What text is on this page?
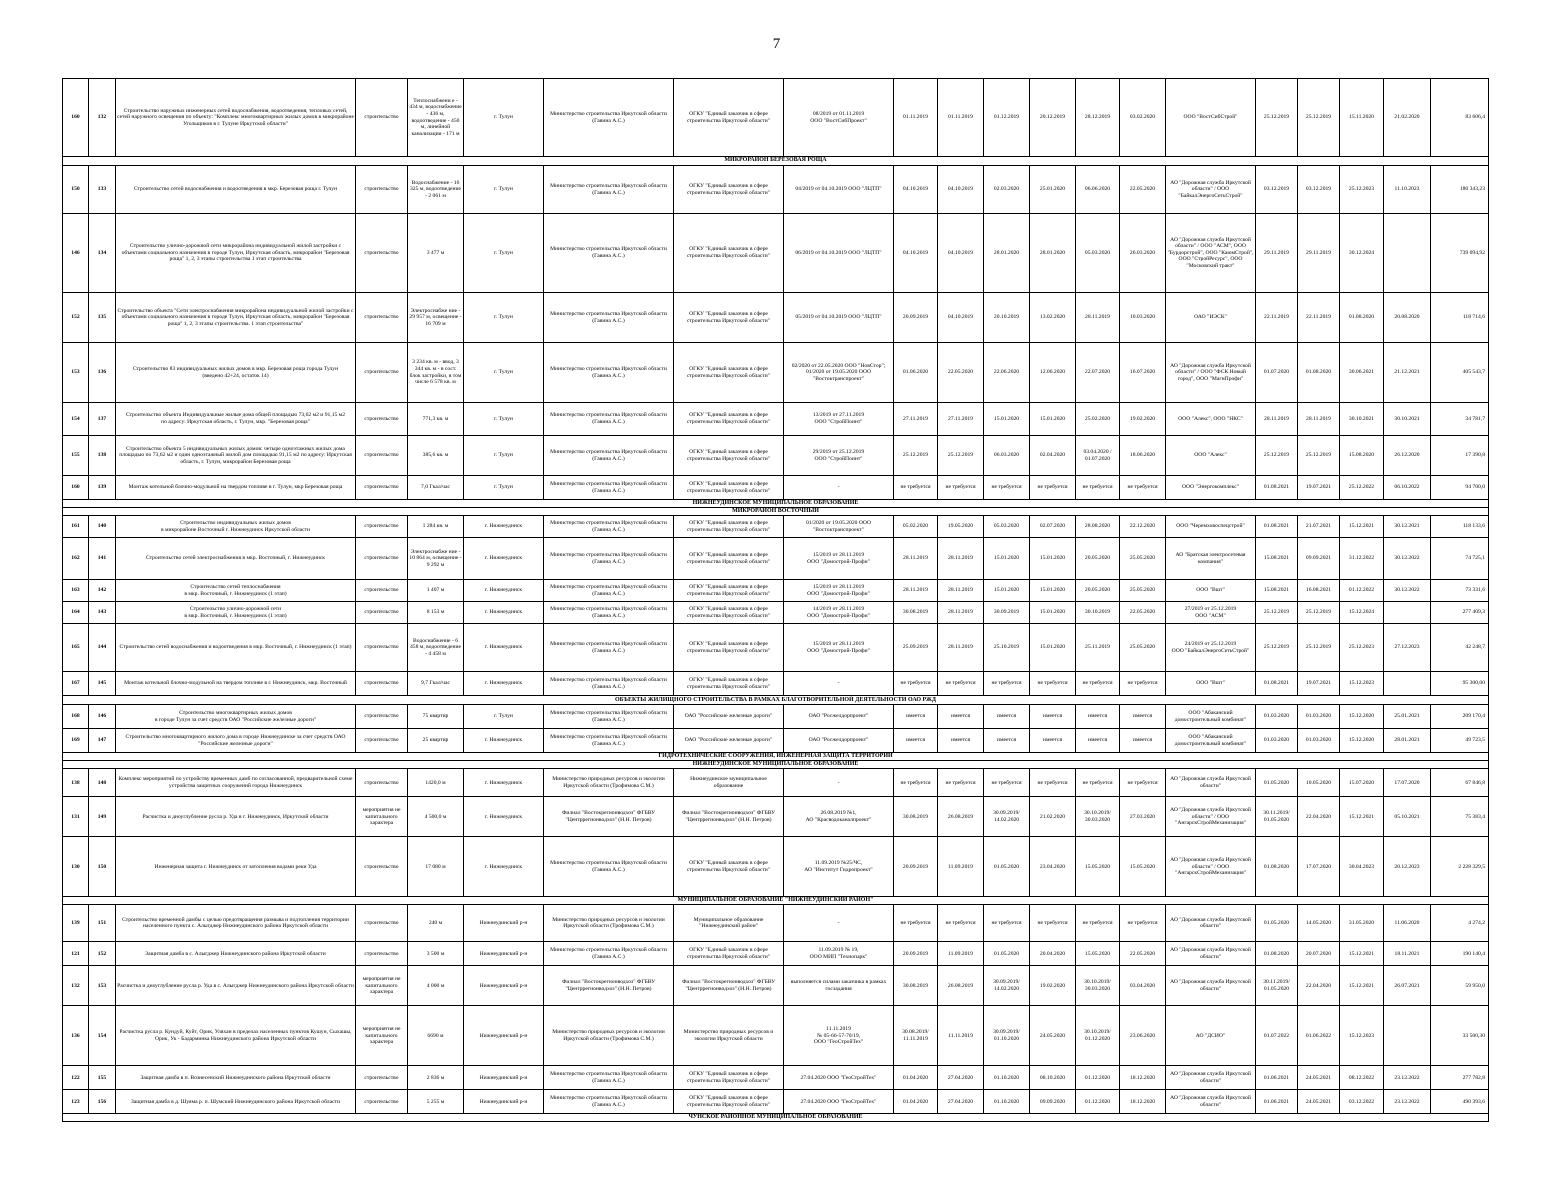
7
160	132	Строительство наружных инженерных сетей водоснабжения, водоотведения, тепловых сетей,
сетей наружного освещения по объекту: "Комплекс многоквартирных жилых домов в микрорайоне Угольщиков в г. Тулуне Иркутской области"	строительство	Теплоснабжени е - 434 м, водоснабжение - 436 м, водоотведение - 450 м, линейной канализации - 171 м	г. Тулун	Министерство строительства Иркутской области (Гавина А.С.)	ОГКУ "Единый заказчик в сфере строительства Иркутской области"	08/2019 от 01.11.2019
ООО "ВостСибПроект"	01.11.2019	01.11.2019	01.12.2019	20.12.2019	28.12.2019	03.02.2020	ООО "ВостСибСтрой"	25.12.2019	25.12.2019	15.11.2020	21.02.2020	83 606,4
МИКРОРАЙОН БЕРЕЗОВАЯ РОЩА																				
150	133	Строительство сетей водоснабжения и водоотведения в мкр. Березовая роща г. Тулун	строительство	Водоснабжение - 16 325 м, водоотведение - 2 061 м	г. Тулун	Министерство строительства Иркутской области (Гавина А.С.)	ОГКУ "Единый заказчик в сфере строительства Иркутской области"	04/2019 от 04.10.2019 ООО "ЛЦТП"	04.10.2019	04.10.2019	02.03.2020	25.01.2020	06.06.2020	22.05.2020	АО "Дорожная служба Иркутской области" / ООО "БайкалЭнергоСетьСтрой"	03.12.2019	03.12.2019	25.12.2023	11.10.2023	180 343,23
146	134	Строительство улично-дорожной сети микрорайона индивидуальной жилой застройки с объектами социального назначения в городе Тулун, Иркутская область, микрорайон "Березовая роща" 1, 2, 3 этапы строительства 1 этап строительства	строительство	3 477 м	г. Тулун	Министерство строительства Иркутской области (Гавина А.С.)	ОГКУ "Единый заказчик в сфере строительства Иркутской области"	06/2019 от 04.10.2019 ООО "ЛЦТП"	04.10.2019	04.10.2019	28.01.2020	28.01.2020	05.03.2020	26.03.2020	АО "Дорожная служба Иркутской области" / ООО "АСМ", ООО "Бурдорстрой", ООО "КаюмСтрой", ООО "СтройРесурс", ООО "Московский тракт"	29.11.2019	29.11.2019	30.12.2024		739 094,92
152	135	Строительство объекта "Сети электроснабжения микрорайона индивидуальной жилой застройки с объектами социального назначения в городе Тулун, Иркутская область, микрорайон "Березовая роща" 1, 2, 3 этапы строительства. 1 этап строительства"	строительство	Электроснабже ние - 29 957 м, освещение - 16 709 м	г. Тулун	Министерство строительства Иркутской области (Гавина А.С.)	ОГКУ "Единый заказчик в сфере строительства Иркутской области"	05/2019 от 04.10.2019 ООО "ЛЦТП"	20.09.2019	04.10.2019	20.10.2019	13.02.2020	28.11.2019	10.03.2020	ОАО "ИЭСК"	22.11.2019	22.11.2019	01.08.2020	20.08.2020	118 714,6
153	136	Строительство 83 индивидуальных жилых домов в мкр. Березовая роща города Тулун
(введено 42+24, остаток 14)	строительство	3 234 кв. м - ввод, 3 344 кв. м - в сост. блок застройки, в том числе 6 578 кв. м	г. Тулун	Министерство строительства Иркутской области (Гавина А.С.)	ОГКУ "Единый заказчик в сфере строительства Иркутской области"	02/2020 от 22.05.2020 ООО "НовСтор";
01/2020 от 19.05.2020 ООО "Востоктранспроект"	01.06.2020	22.05.2020	22.06.2020	12.06.2020	22.07.2020	16.07.2020	АО "Дорожная служба Иркутской области" / ООО "ФСК Новый город", ООО "МагнПрофи"	01.07.2020	01.08.2020	30.06.2021	21.12.2021	405 543,7
154	137	Строительство объекта Индивидуальные жилые дома общей площадью 73,62 м2 и 91,15 м2
по адресу: Иркутская область, г. Тулун, мкр. "Березовая роща"	строительство	771,3 кв. м	г. Тулун	Министерство строительства Иркутской области (Гавина А.С.)	ОГКУ "Единый заказчик в сфере строительства Иркутской области"	13/2019 от 27.11.2019
ООО "СтройПоинт"	27.11.2019	27.11.2019	15.01.2020	15.01.2020	25.02.2020	19.02.2020	ООО "Алекс", ООО "НКС"	28.11.2019	28.11.2019	30.10.2021	30.10.2021	34 781,7
155	138	Строительство объекта 5 индивидуальных жилых домов: четыре одноэтажных жилых дома площадью по 73,62 м2 и один одноэтажный жилой дом площадью 91,15 м2 по адресу: Иркутская область, г. Тулун, микрорайон Березовая роща	строительство	385,6 кв. м	г. Тулун	Министерство строительства Иркутской области (Гавина А.С.)	ОГКУ "Единый заказчик в сфере строительства Иркутской области"	29/2019 от 25.12.2019
ООО "СтройПоинт"	25.12.2019	25.12.2019	06.03.2020	02.04.2020	03.04.2020 / 01.07.2020	18.06.2020	ООО "Алекс"	25.12.2019	25.12.2019	15.08.2020	26.12.2020	17 390,8
160	139	Монтаж котельной блочно-модульной на твердом топливе в г. Тулун, мкр Березовая роща	строительство	7,0 Гкал/час	г. Тулун	Министерство строительства Иркутской области (Гавина А.С.)	ОГКУ "Единый заказчик в сфере строительства Иркутской области"	-	не требуется	не требуется	не требуется	не требуется	не требуется	не требуется	ООО "Энергокомплекс"	01.08.2021	19.07.2021	25.12.2022	06.10.2022	94 700,0
НИЖНЕУДИНСКОЕ МУНИЦИПАЛЬНОЕ ОБРАЗОВАНИЕ																				
МИКРОРАЙОН ВОСТОЧНЫЙ																				
161	140	Строительство индивидуальных жилых домов
в микрорайоне Восточный г. Нижнеудинск Иркутской области	строительство	1 284 кв. м	г. Нижнеудинск	Министерство строительства Иркутской области (Гавина А.С.)	ОГКУ "Единый заказчик в сфере строительства Иркутской области"	01/2020 от 19.05.2020 ООО "Востоктранспроект"	05.02.2020	19.05.2020	05.03.2020	02.07.2020	28.08.2020	22.12.2020	ООО "Черемховоспецстрой"	01.08.2021	21.07.2021	15.12.2021	30.12.2021	118 133,6
162	141	Строительство сетей электроснабжения в мкр. Восточный, г. Нижнеудинск	строительство	Электроснабже ние - 10 864 м, освещение - 9 292 м	г. Нижнеудинск	Министерство строительства Иркутской области (Гавина А.С.)	ОГКУ "Единый заказчик в сфере строительства Иркутской области"	15/2019 от 28.11.2019
ООО "Домострой-Профи"	28.11.2019	28.11.2019	15.01.2020	15.01.2020	20.05.2020	25.05.2020	АО "Братская электросетевая компания"	15.08.2021	09.09.2021	31.12.2022	30.12.2022	74 725,1
163	142	Строительство сетей теплоснабжения
в мкр. Восточный, г. Нижнеудинск (1 этап)	строительство	1 407 м	г. Нижнеудинск	Министерство строительства Иркутской области (Гавина А.С.)	ОГКУ "Единый заказчик в сфере строительства Иркутской области"	15/2019 от 28.11.2019
ООО "Домострой-Профи"	28.11.2019	28.11.2019	15.01.2020	15.01.2020	20.05.2020	25.05.2020	ООО "Вшт"	15.08.2021	16.08.2021	01.12.2022	30.12.2022	73 331,6
164	143	Строительство улично-дорожной сети
в мкр. Восточный, г. Нижнеудинск (1 этап)	строительство	8 153 м	г. Нижнеудинск	Министерство строительства Иркутской области (Гавина А.С.)	ОГКУ "Единый заказчик в сфере строительства Иркутской области"	14/2019 от 28.11.2019
ООО "Домострой-Профи"	30.08.2019	28.11.2019	30.09.2019	15.01.2020	30.10.2019	22.05.2020	27/2019 от 25.12.2019
ООО "АСМ"	25.12.2019	25.12.2019	15.12.2024		277 409,3
165	144	Строительство сетей водоснабжения и водоотведения в мкр. Восточный, г. Нижнеудинск (1 этап)	строительство	Водоснабжение - 6 458 м, водоотведение - 4 458 м	г. Нижнеудинск	Министерство строительства Иркутской области (Гавина А.С.)	ОГКУ "Единый заказчик в сфере строительства Иркутской области"	15/2019 от 28.11.2019
ООО "Домострой-Профи"	25.09.2019	28.11.2019	25.10.2019	15.01.2020	25.11.2019	25.05.2020	24/2019 от 25.12.2019
ООО "БайкалЭнергоСетьСтрой"	25.12.2019	25.12.2019	25.12.2023	27.12.2023	42 248,7
167	145	Монтаж котельной блочно-модульной на твердом топливе в г. Нижнеудинск, мкр. Восточный	строительство	9,7 Гкал/час	г. Нижнеудинск	Министерство строительства Иркутской области (Гавина А.С.)	ОГКУ "Единый заказчик в сфере строительства Иркутской области"	-	не требуется	не требуется	не требуется	не требуется	не требуется	не требуется	ООО "Вшт"	01.08.2021	19.07.2021	15.12.2023		95 300,00
ОБЪЕКТЫ ЖИЛИЩНОГО СТРОИТЕЛЬСТВА В РАМКАХ БЛАГОТВОРИТЕЛЬНОЙ ДЕЯТЕЛЬНОСТИ ОАО РЖД																				
168	146	Строительство многоквартирных жилых домов
в городе Тулун за счет средств ОАО "Российские железные дороги"	строительство	75 квартир	г. Тулун	Министерство строительства Иркутской области (Гавина А.С.)	ОАО "Российские железные дороги"	ОАО "Росжелдорпроект"	имеется	имеется	имеется	имеется	имеется	имеется	ООО "Абаканский домостроительный комбинат"	01.03.2020	01.03.2020	15.12.2020	25.01.2021	209 170,4
169	147	Строительство многоквартирного жилого дома в городе Нижнеудинске за счет средств ОАО "Российские железные дороги"	строительство	25 квартир	г. Нижнеудинск	Министерство строительства Иркутской области (Гавина А.С.)	ОАО "Российские железные дороги"	ОАО "Росжелдорпроект"	имеется	имеется	имеется	имеется	имеется	имеется	ООО "Абаканский домостроительный комбинат"	01.03.2020	01.03.2020	15.12.2020	28.01.2021	49 723,5
ГИДРОТЕХНИЧЕСКИЕ СООРУЖЕНИЯ, ИНЖЕНЕРНАЯ ЗАЩИТА ТЕРРИТОРИИ																				
НИЖНЕУДИНСКОЕ МУНИЦИПАЛЬНОЕ ОБРАЗОВАНИЕ																				
138	148	Комплекс мероприятий по устройству временных дамб по согласованной, предварительной схеме устройства защитных сооружений города Нижнеудинск	строительство	1420,0 м	г. Нижнеудинск	Министерство природных ресурсов и экологии Иркутской области (Трофимова С.М.)	Нижнеудинское муниципальное образование	-	не требуется	не требуется	не требуется	не требуется	не требуется	не требуется	АО "Дорожная служба Иркутской области"	01.05.2020	10.05.2020	15.07.2020	17.07.2020	67 846,8
131	149	Расчистка и дноуглубление русла р. Уда в г. Нижнеудинск, Иркутской области	мероприятия не капитального характера	4 500,0 м	г. Нижнеудинск	Филиал "Востокрегионводхоз" ФГБВУ "Центррегионводхоз" (Н.Н. Петров)	Филиал "Востокрегионводхоз" ФГБВУ "Центррегионводхоз" (Н.Н. Петров)	26.08.2019 №1,
АО "Красводоканалпроект"	30.08.2019	26.08.2019	30.09.2019/ 14.02.2020	21.02.2020	30.10.2019/ 30.03.2020	27.03.2020	АО "Дорожная служба Иркутской области" / ООО "АнгарскСтройМеханизация"	30.11.2019/ 01.05.2020	22.04.2020	15.12.2021	05.10.2021	75 383,4
130	150	Инженерная защита г. Нижнеудинск от затопления водами реки Уда	строительство	17 080 м	г. Нижнеудинск	Министерство строительства Иркутской области (Гавина А.С.)	ОГКУ "Единый заказчик в сфере строительства Иркутской области"	11.09.2019 №25/ЧС,
АО "Институт Гидропроект"	20.09.2019	11.09.2019	01.05.2020	23.04.2020	15.05.2020	15.05.2020	АО "Дорожная служба Иркутской области" / ООО "АнгарскСтройМеханизация"	01.08.2020	17.07.2020	30.04.2023	20.12.2023	2 228 329,5
МУНИЦИПАЛЬНОЕ ОБРАЗОВАНИЕ "НИЖНЕУДИНСКИЙ РАЙОН"																				
139	151	Строительство временной дамбы с целью предотвращения размыва и подтопления территории населенного пункта с. Алыгджер Нижнеудинского района Иркутской области	строительство	240 м	Нижнеудинский р-н	Министерство природных ресурсов и экологии Иркутской области (Трофимова С.М.)	Муниципальное образование "Нижнеудинский район"	-	не требуется	не требуется	не требуется	не требуется	не требуется	не требуется	АО "Дорожная служба Иркутской области"	01.05.2020	14.05.2020	31.05.2020	11.06.2020	4 274,2
121	152	Защитная дамба в с. Алыгджер Нижнеудинского района Иркутской области	строительство	3 500 м	Нижнеудинский р-н	Министерство строительства Иркутской области (Гавина А.С.)	ОГКУ "Единый заказчик в сфере строительства Иркутской области"	11.09.2019 № 19,
ООО МИП "Технопарк"	20.09.2019	11.09.2019	01.05.2020	20.04.2020	15.05.2020	22.05.2020	АО "Дорожная служба Иркутской области"	01.08.2020	20.07.2020	15.12.2021	18.11.2021	190 140,4
132	153	Расчистка и дноуглубление русла р. Уда в с. Алыгджер Нижнеудинского района Иркутской области	мероприятия не капитального характера	4 000 м	Нижнеудинский р-н	Филиал "Востокрегионводхоз" ФГБВУ "Центррегионводхоз" (Н.Н. Петров)	Филиал "Востокрегионводхоз" ФГБВУ "Центррегионводхоз" (Н.Н. Петров)	выполняется силами заказчика в рамках госзадания	30.08.2019	26.08.2019	30.09.2019/ 14.02.2020	19.02.2020	30.10.2019/ 30.03.2020	03.04.2020	АО "Дорожная служба Иркутской области"	30.11.2019/ 01.05.2020	22.04.2020	15.12.2021	26.07.2021	59 950,0
136	154	Расчистка русла р. Кундуй, Куйт, Орик, Уляхан в пределах населенных пунктов Кушун, Сыхашы, Орик, Ук - Бадарминка Нижнеудинского района Иркутской области	мероприятия не капитального характера	6690 м	Нижнеудинский р-н	Министерство природных ресурсов и экологии Иркутской области (Трофимова С.М.)	Министерство природных ресурсов и экологии Иркутской области	11.11.2019
№ 05-66-57-70/19,
ООО "ГеоСтройТех"	30.08.2019/ 11.11.2019	11.11.2019	30.09.2019/ 01.10.2020	24.05.2020	30.10.2019/ 01.12.2020	23.06.2020	АО "ДСИО"	01.07.2022	01.06.2022	15.12.2023		33 500,30
122	155	Защитная дамба в п. Вознесенский Нижнеудинского района Иркутской области	строительство	2 836 м	Нижнеудинский р-н	Министерство строительства Иркутской области (Гавина А.С.)	ОГКУ "Единый заказчик в сфере строительства Иркутской области"	27.04.2020 ООО "ГеоСтройТех"	01.04.2020	27.04.2020	01.10.2020	08.10.2020	01.12.2020	18.12.2020	АО "Дорожная служба Иркутской области"	01.06.2021	24.05.2021	08.12.2022	23.12.2022	277 782,8
123	156	Защитная дамба в д. Шуяма р. п. Шумский Нижнеудинского района Иркутской области	строительство	5 255 м	Нижнеудинский р-н	Министерство строительства Иркутской области (Гавина А.С.)	ОГКУ "Единый заказчик в сфере строительства Иркутской области"	27.04.2020 ООО "ГеоСтройТех"	01.04.2020	27.04.2020	01.10.2020	09.09.2020	01.12.2020	18.12.2020	АО "Дорожная служба Иркутской области"	01.06.2021	24.05.2021	03.12.2022	23.12.2022	490 393,6
ЧУНСКОЕ РАЙОННОЕ МУНИЦИПАЛЬНОЕ ОБРАЗОВАНИЕ																				
